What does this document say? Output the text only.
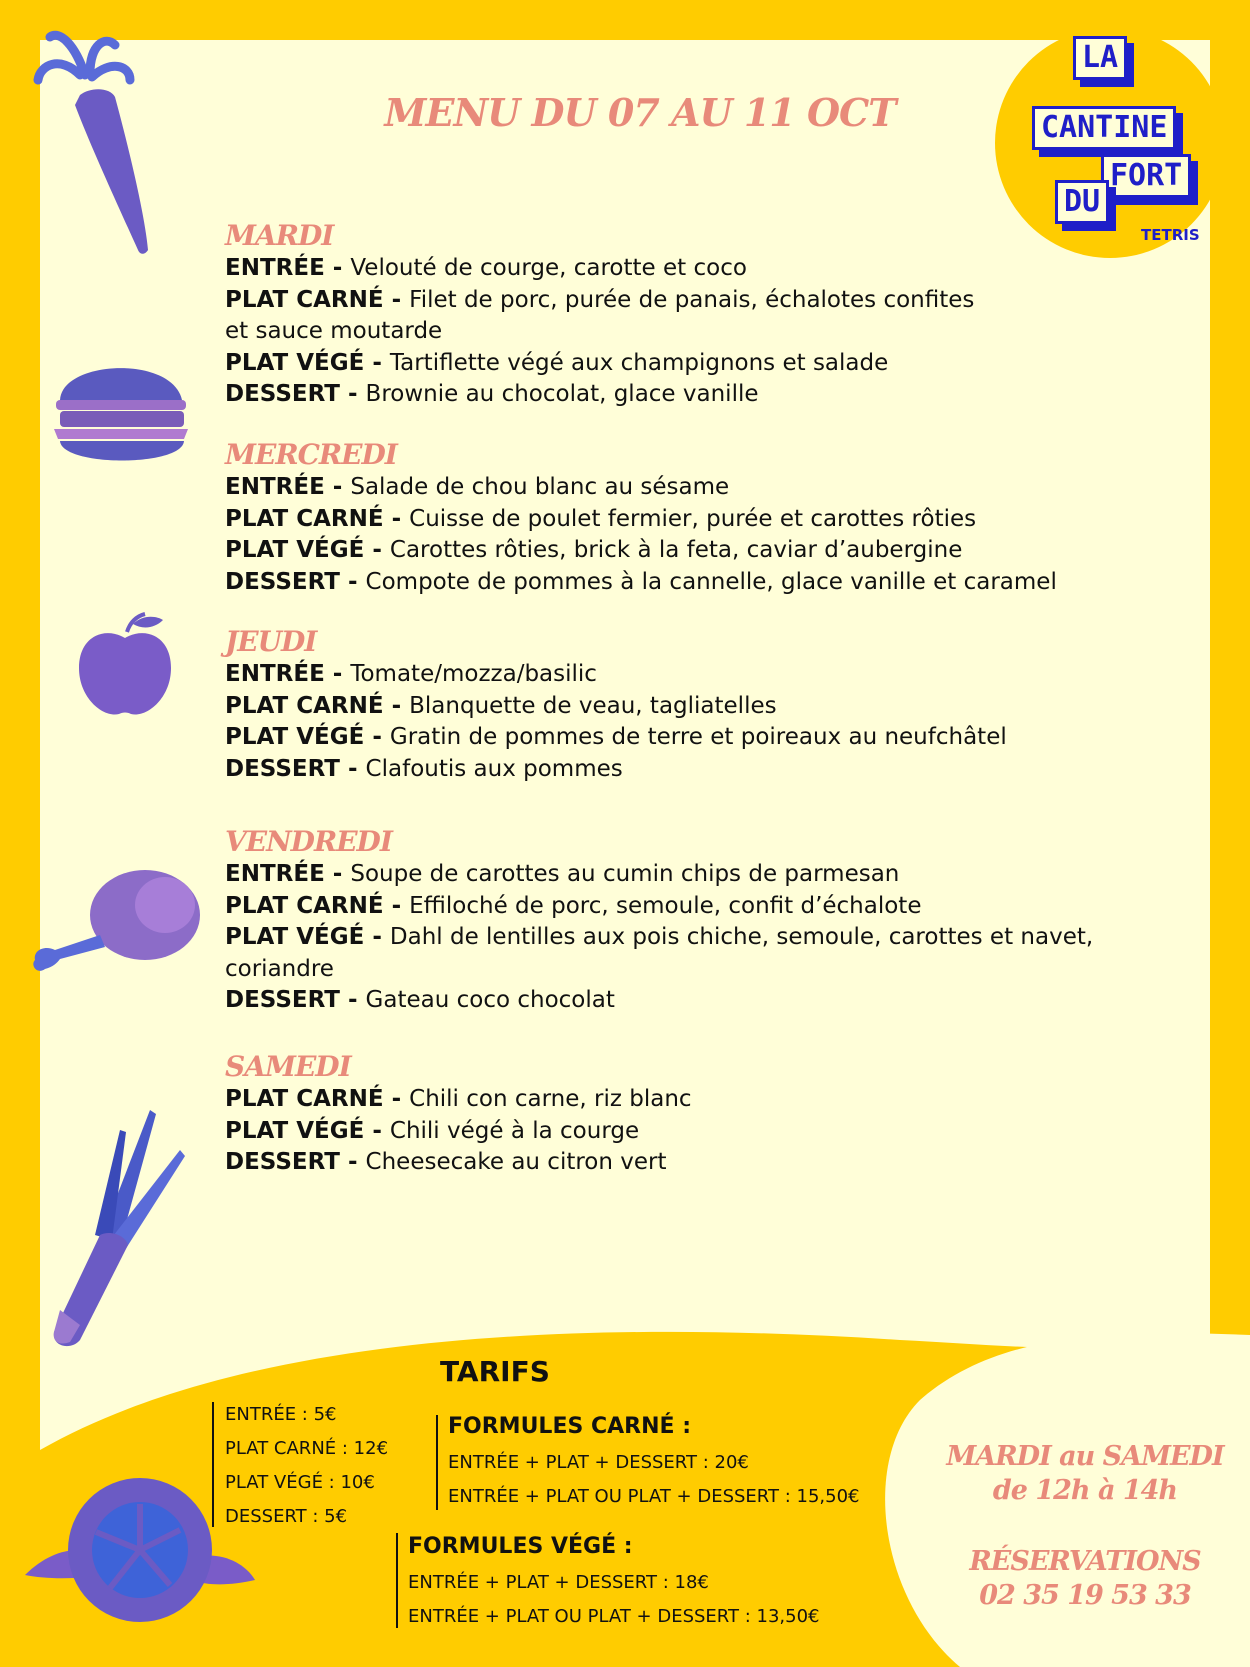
LA
CANTINE
FORT
DU
TETRIS
MENU DU 07 AU 11 OCT

MARDI

ENTRÉE - Velouté de courge, carotte et coco

PLAT CARNÉ - Filet de porc, purée de panais, échalotes confites

et sauce moutarde

PLAT VÉGÉ - Tartiflette végé aux champignons et salade

DESSERT - Brownie au chocolat, glace vanille

MERCREDI

ENTRÉE - Salade de chou blanc au sésame

PLAT CARNÉ - Cuisse de poulet fermier, purée et carottes rôties

PLAT VÉGÉ - Carottes rôties, brick à la feta, caviar d’aubergine

DESSERT - Compote de pommes à la cannelle, glace vanille et caramel

JEUDI

ENTRÉE - Tomate/mozza/basilic

PLAT CARNÉ - Blanquette de veau, tagliatelles

PLAT VÉGÉ - Gratin de pommes de terre et poireaux au neufchâtel

DESSERT - Clafoutis aux pommes

VENDREDI

ENTRÉE - Soupe de carottes au cumin chips de parmesan

PLAT CARNÉ - Effiloché de porc, semoule, confit d’échalote

PLAT VÉGÉ - Dahl de lentilles aux pois chiche, semoule, carottes et navet,

coriandre

DESSERT - Gateau coco chocolat

SAMEDI

PLAT CARNÉ - Chili con carne, riz blanc

PLAT VÉGÉ - Chili végé à la courge

DESSERT - Cheesecake au citron vert

TARIFS

ENTRÉE : 5€
PLAT CARNÉ : 12€
PLAT VÉGÉ : 10€
DESSERT : 5€
FORMULES CARNÉ :
ENTRÉE + PLAT + DESSERT : 20€
ENTRÉE + PLAT OU PLAT + DESSERT : 15,50€
FORMULES VÉGÉ :
ENTRÉE + PLAT + DESSERT : 18€
ENTRÉE + PLAT OU PLAT + DESSERT : 13,50€
MARDI au SAMEDI
de 12h à 14h
RÉSERVATIONS
02 35 19 53 33
